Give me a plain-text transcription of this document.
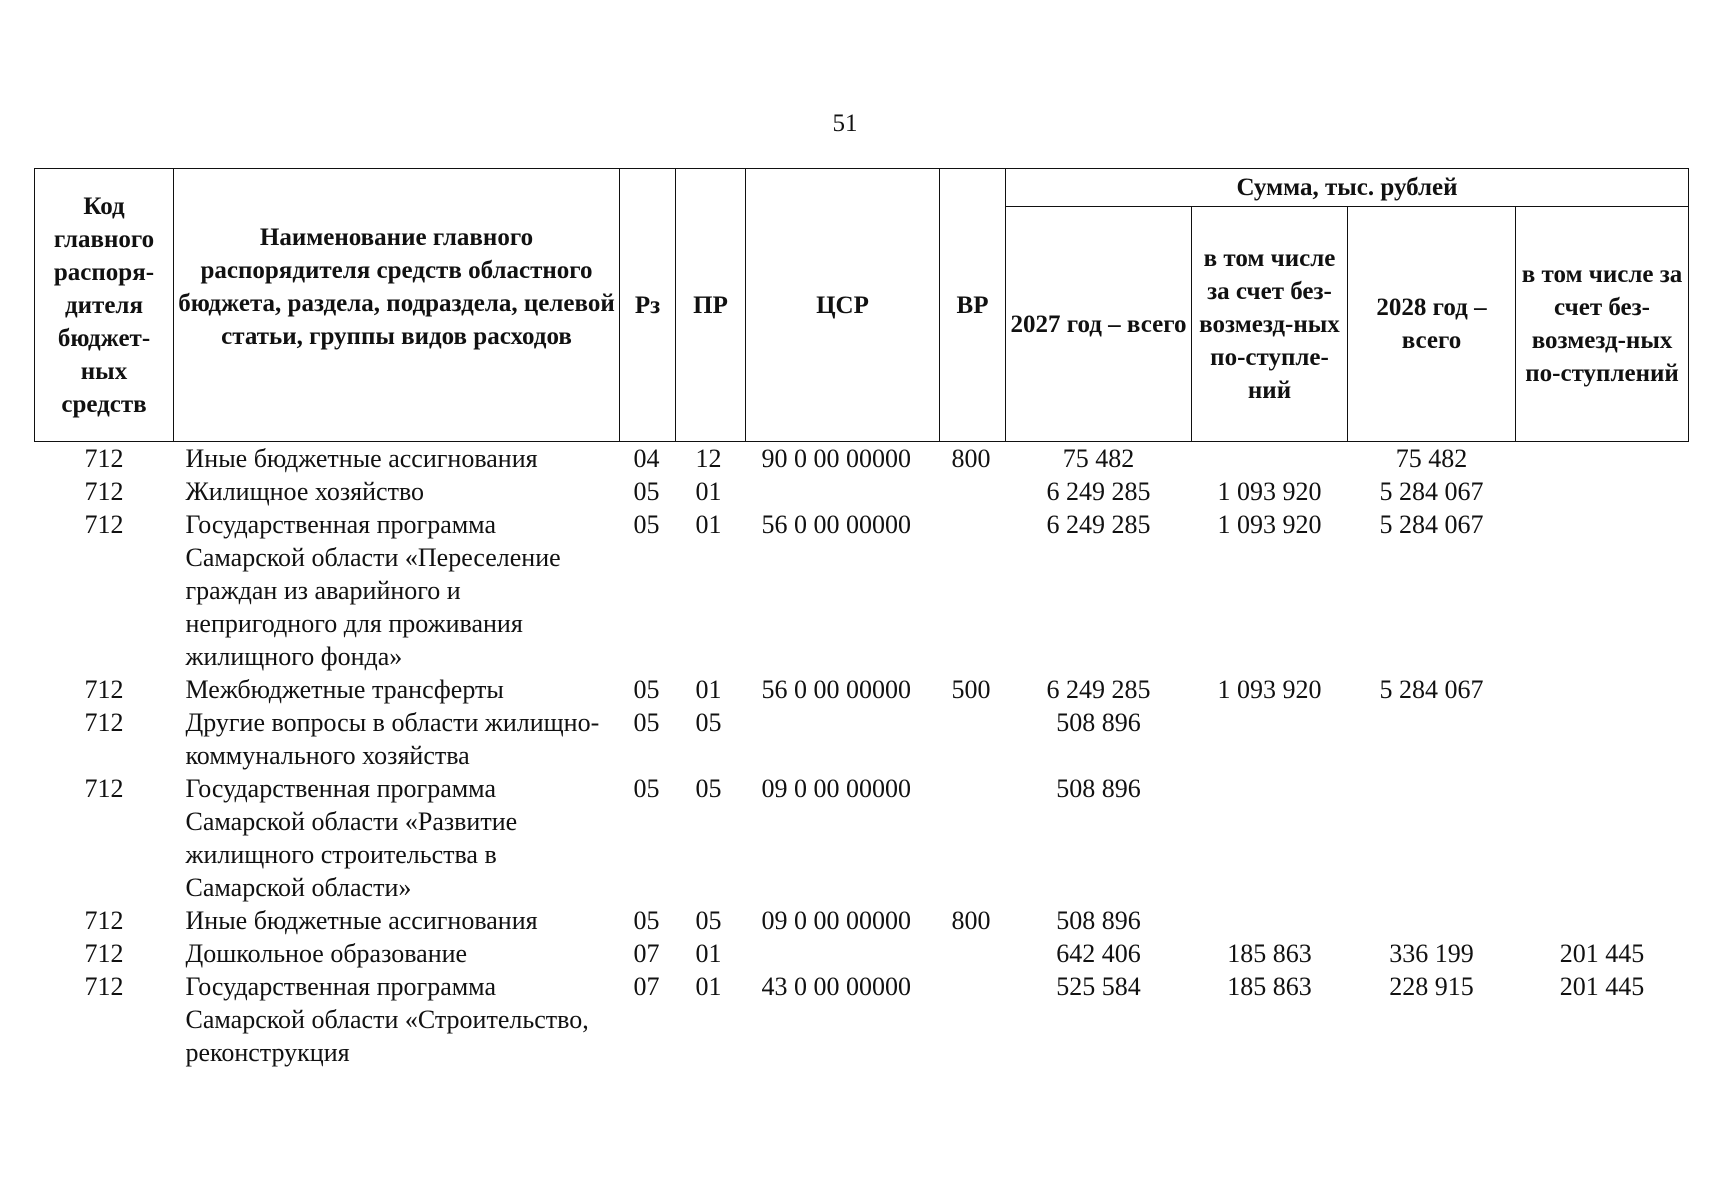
51
Код главного распоря-дителя бюджет-ных средств	Наименование главного распорядителя средств областного бюджета, раздела, подраздела, целевой статьи, группы видов расходов	Рз	ПР	ЦСР	ВР	Сумма, тыс. рублей			
						2027 год – всего	в том числе за счет без-возмезд-ных по-ступле-ний	2028 год – всего	в том числе за счет без-возмезд-ных по-ступлений
712	Иные бюджетные ассигнования	04	12	90 0 00 00000	800	75 482		75 482	
712	Жилищное хозяйство	05	01			6 249 285	1 093 920	5 284 067	
712	Государственная программа Самарской области «Переселение граждан из аварийного и непригодного для проживания жилищного фонда»	05	01	56 0 00 00000		6 249 285	1 093 920	5 284 067	
712	Межбюджетные трансферты	05	01	56 0 00 00000	500	6 249 285	1 093 920	5 284 067	
712	Другие вопросы в области жилищно-коммунального хозяйства	05	05			508 896			
712	Государственная программа Самарской области «Развитие жилищного строительства в Самарской области»	05	05	09 0 00 00000		508 896			
712	Иные бюджетные ассигнования	05	05	09 0 00 00000	800	508 896			
712	Дошкольное образование	07	01			642 406	185 863	336 199	201 445
712	Государственная программа Самарской области «Строительство, реконструкция	07	01	43 0 00 00000		525 584	185 863	228 915	201 445
